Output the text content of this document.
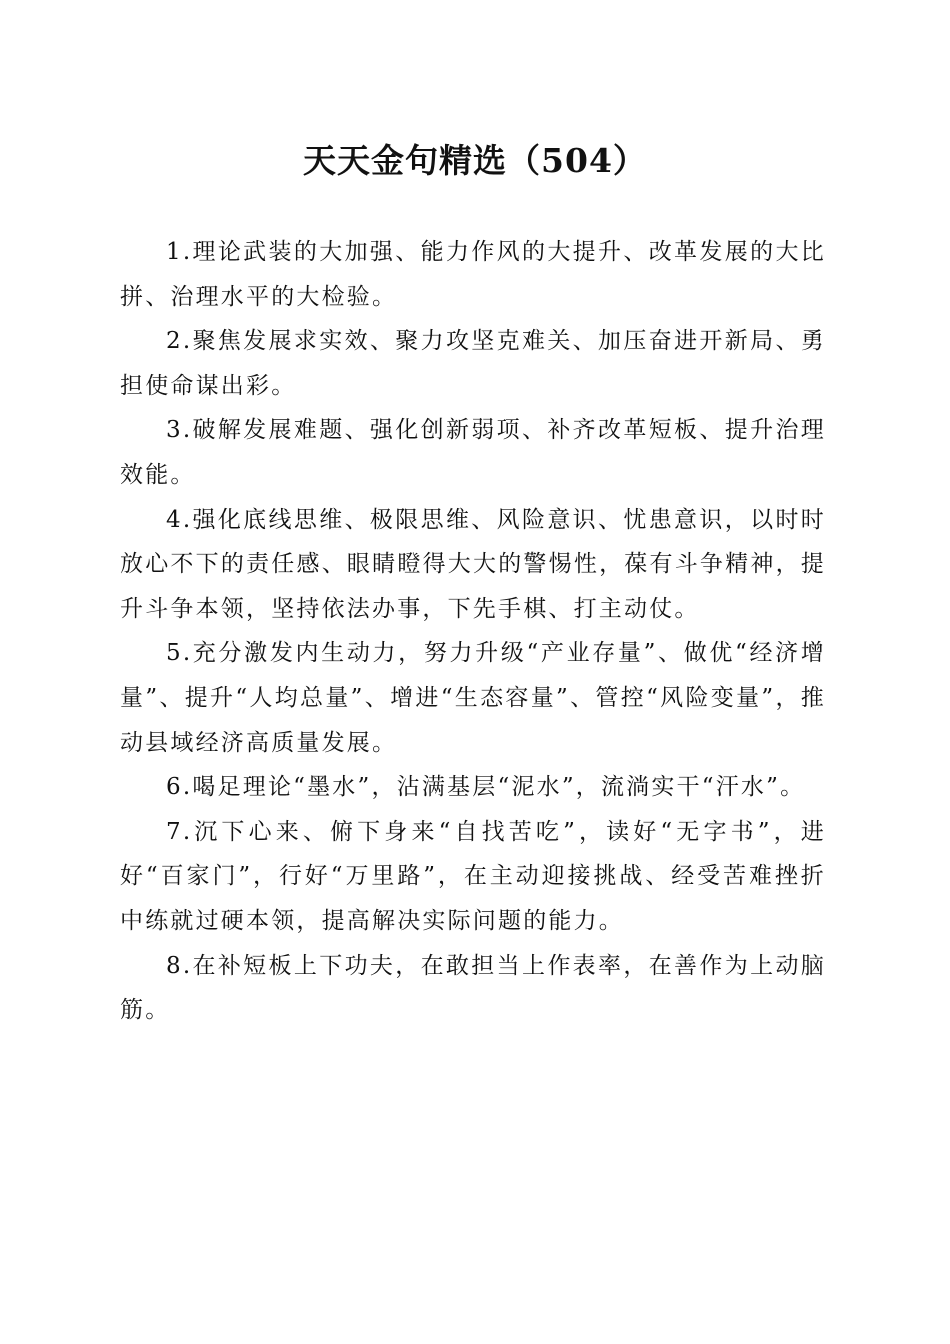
天天金句精选（504）

1.理论武装的大加强、能力作风的大提升、改革发展的大比拼、治理水平的大检验。

2.聚焦发展求实效、聚力攻坚克难关、加压奋进开新局、勇担使命谋出彩。

3.破解发展难题、强化创新弱项、补齐改革短板、提升治理效能。

4.强化底线思维、极限思维、风险意识、忧患意识，以时时放心不下的责任感、眼睛瞪得大大的警惕性，葆有斗争精神，提升斗争本领，坚持依法办事，下先手棋、打主动仗。

5.充分激发内生动力，努力升级“产业存量”、做优“经济增量”、提升“人均总量”、增进“生态容量”、管控“风险变量”，推动县域经济高质量发展。

6.喝足理论“墨水”，沾满基层“泥水”，流淌实干“汗水”。

7.沉下心来、俯下身来“自找苦吃”，读好“无字书”，进好“百家门”，行好“万里路”，在主动迎接挑战、经受苦难挫折中练就过硬本领，提高解决实际问题的能力。

8.在补短板上下功夫，在敢担当上作表率，在善作为上动脑筋。
